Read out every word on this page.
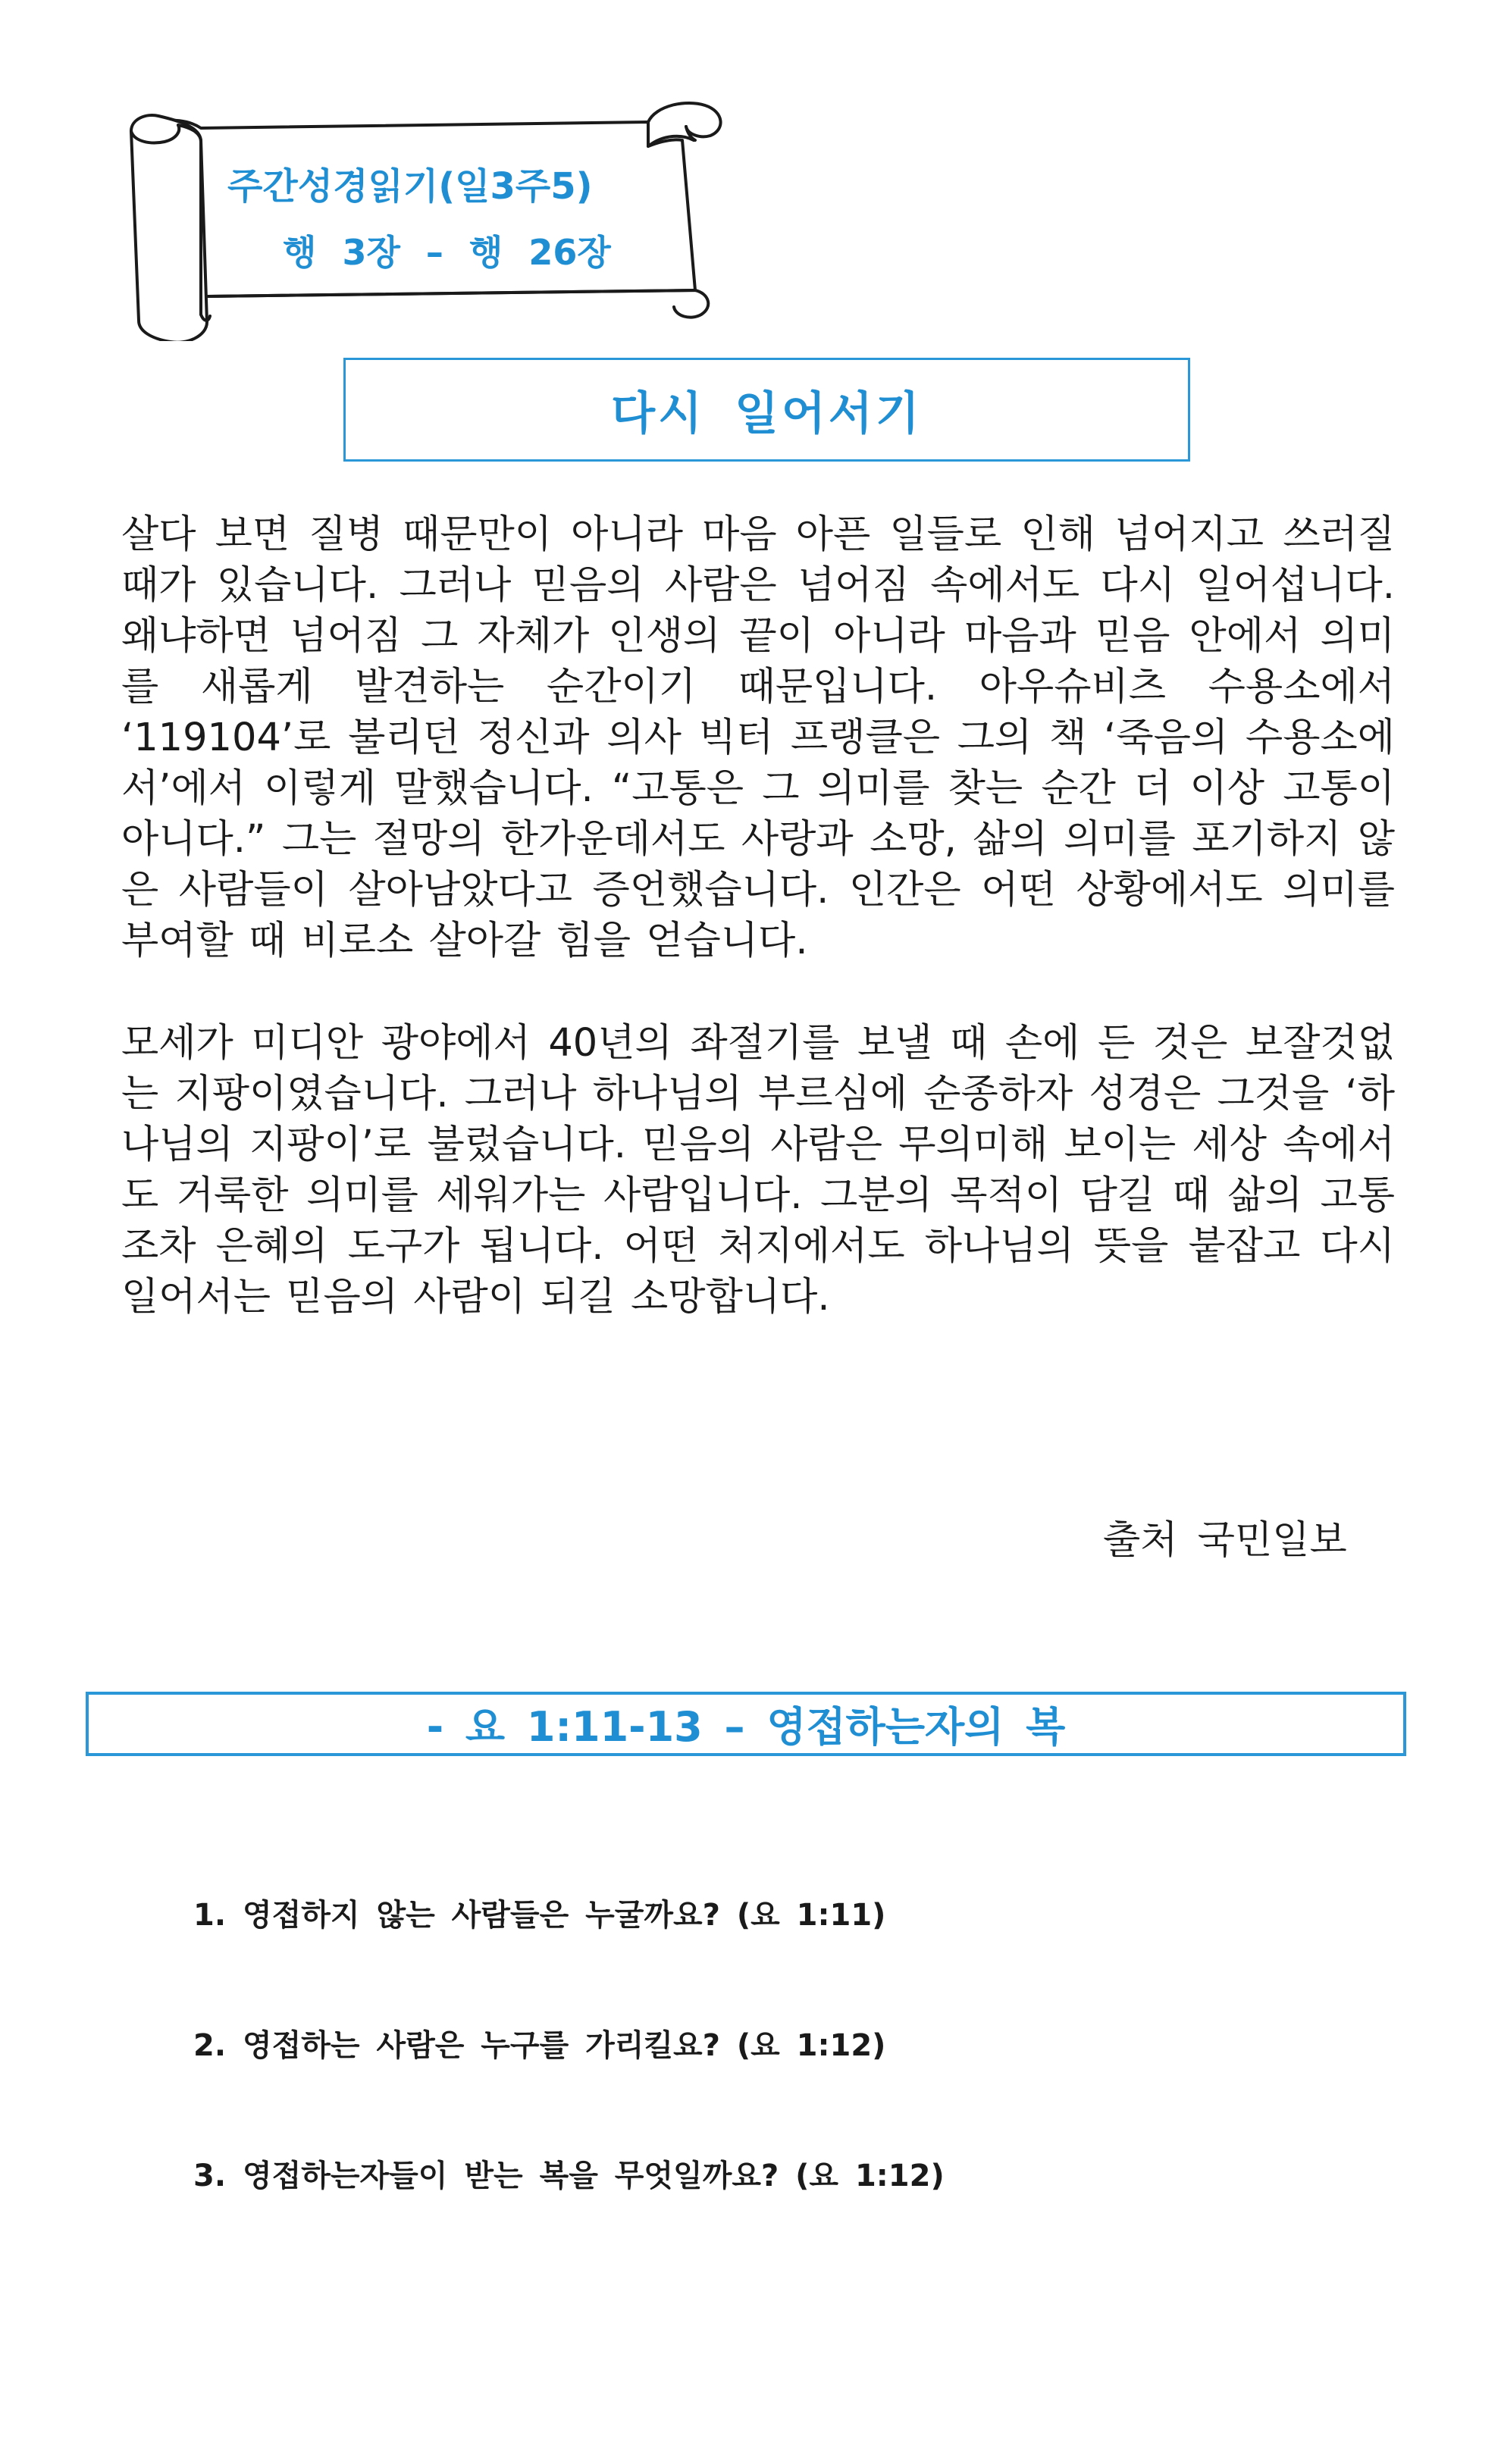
주간성경읽기(일3주5)
행 3장 – 행 26장
다시 일어서기

살다 보면 질병 때문만이 아니라 마음 아픈 일들로 인해 넘어지고 쓰러질 때가 있습니다. 그러나 믿음의 사람은 넘어짐 속에서도 다시 일어섭니다. 왜냐하면 넘어짐 그 자체가 인생의 끝이 아니라 마음과 믿음 안에서 의미를 새롭게 발견하는 순간이기 때문입니다. 아우슈비츠 수용소에서 ‘119104’로 불리던 정신과 의사 빅터 프랭클은 그의 책 ‘죽음의 수용소에서’에서 이렇게 말했습니다. “고통은 그 의미를 찾는 순간 더 이상 고통이 아니다.” 그는 절망의 한가운데서도 사랑과 소망, 삶의 의미를 포기하지 않은 사람들이 살아남았다고 증언했습니다. 인간은 어떤 상황에서도 의미를 부여할 때 비로소 살아갈 힘을 얻습니다.

모세가 미디안 광야에서 40년의 좌절기를 보낼 때 손에 든 것은 보잘것없는 지팡이였습니다. 그러나 하나님의 부르심에 순종하자 성경은 그것을 ‘하나님의 지팡이’로 불렀습니다. 믿음의 사람은 무의미해 보이는 세상 속에서도 거룩한 의미를 세워가는 사람입니다. 그분의 목적이 담길 때 삶의 고통조차 은혜의 도구가 됩니다. 어떤 처지에서도 하나님의 뜻을 붙잡고 다시 일어서는 믿음의 사람이 되길 소망합니다.

출처 국민일보
- 요 1:11-13 – 영접하는자의 복
1. 영접하지 않는 사람들은 누굴까요? (요 1:11)
2. 영접하는 사람은 누구를 가리킬요? (요 1:12)
3. 영접하는자들이 받는 복을 무엇일까요? (요 1:12)
